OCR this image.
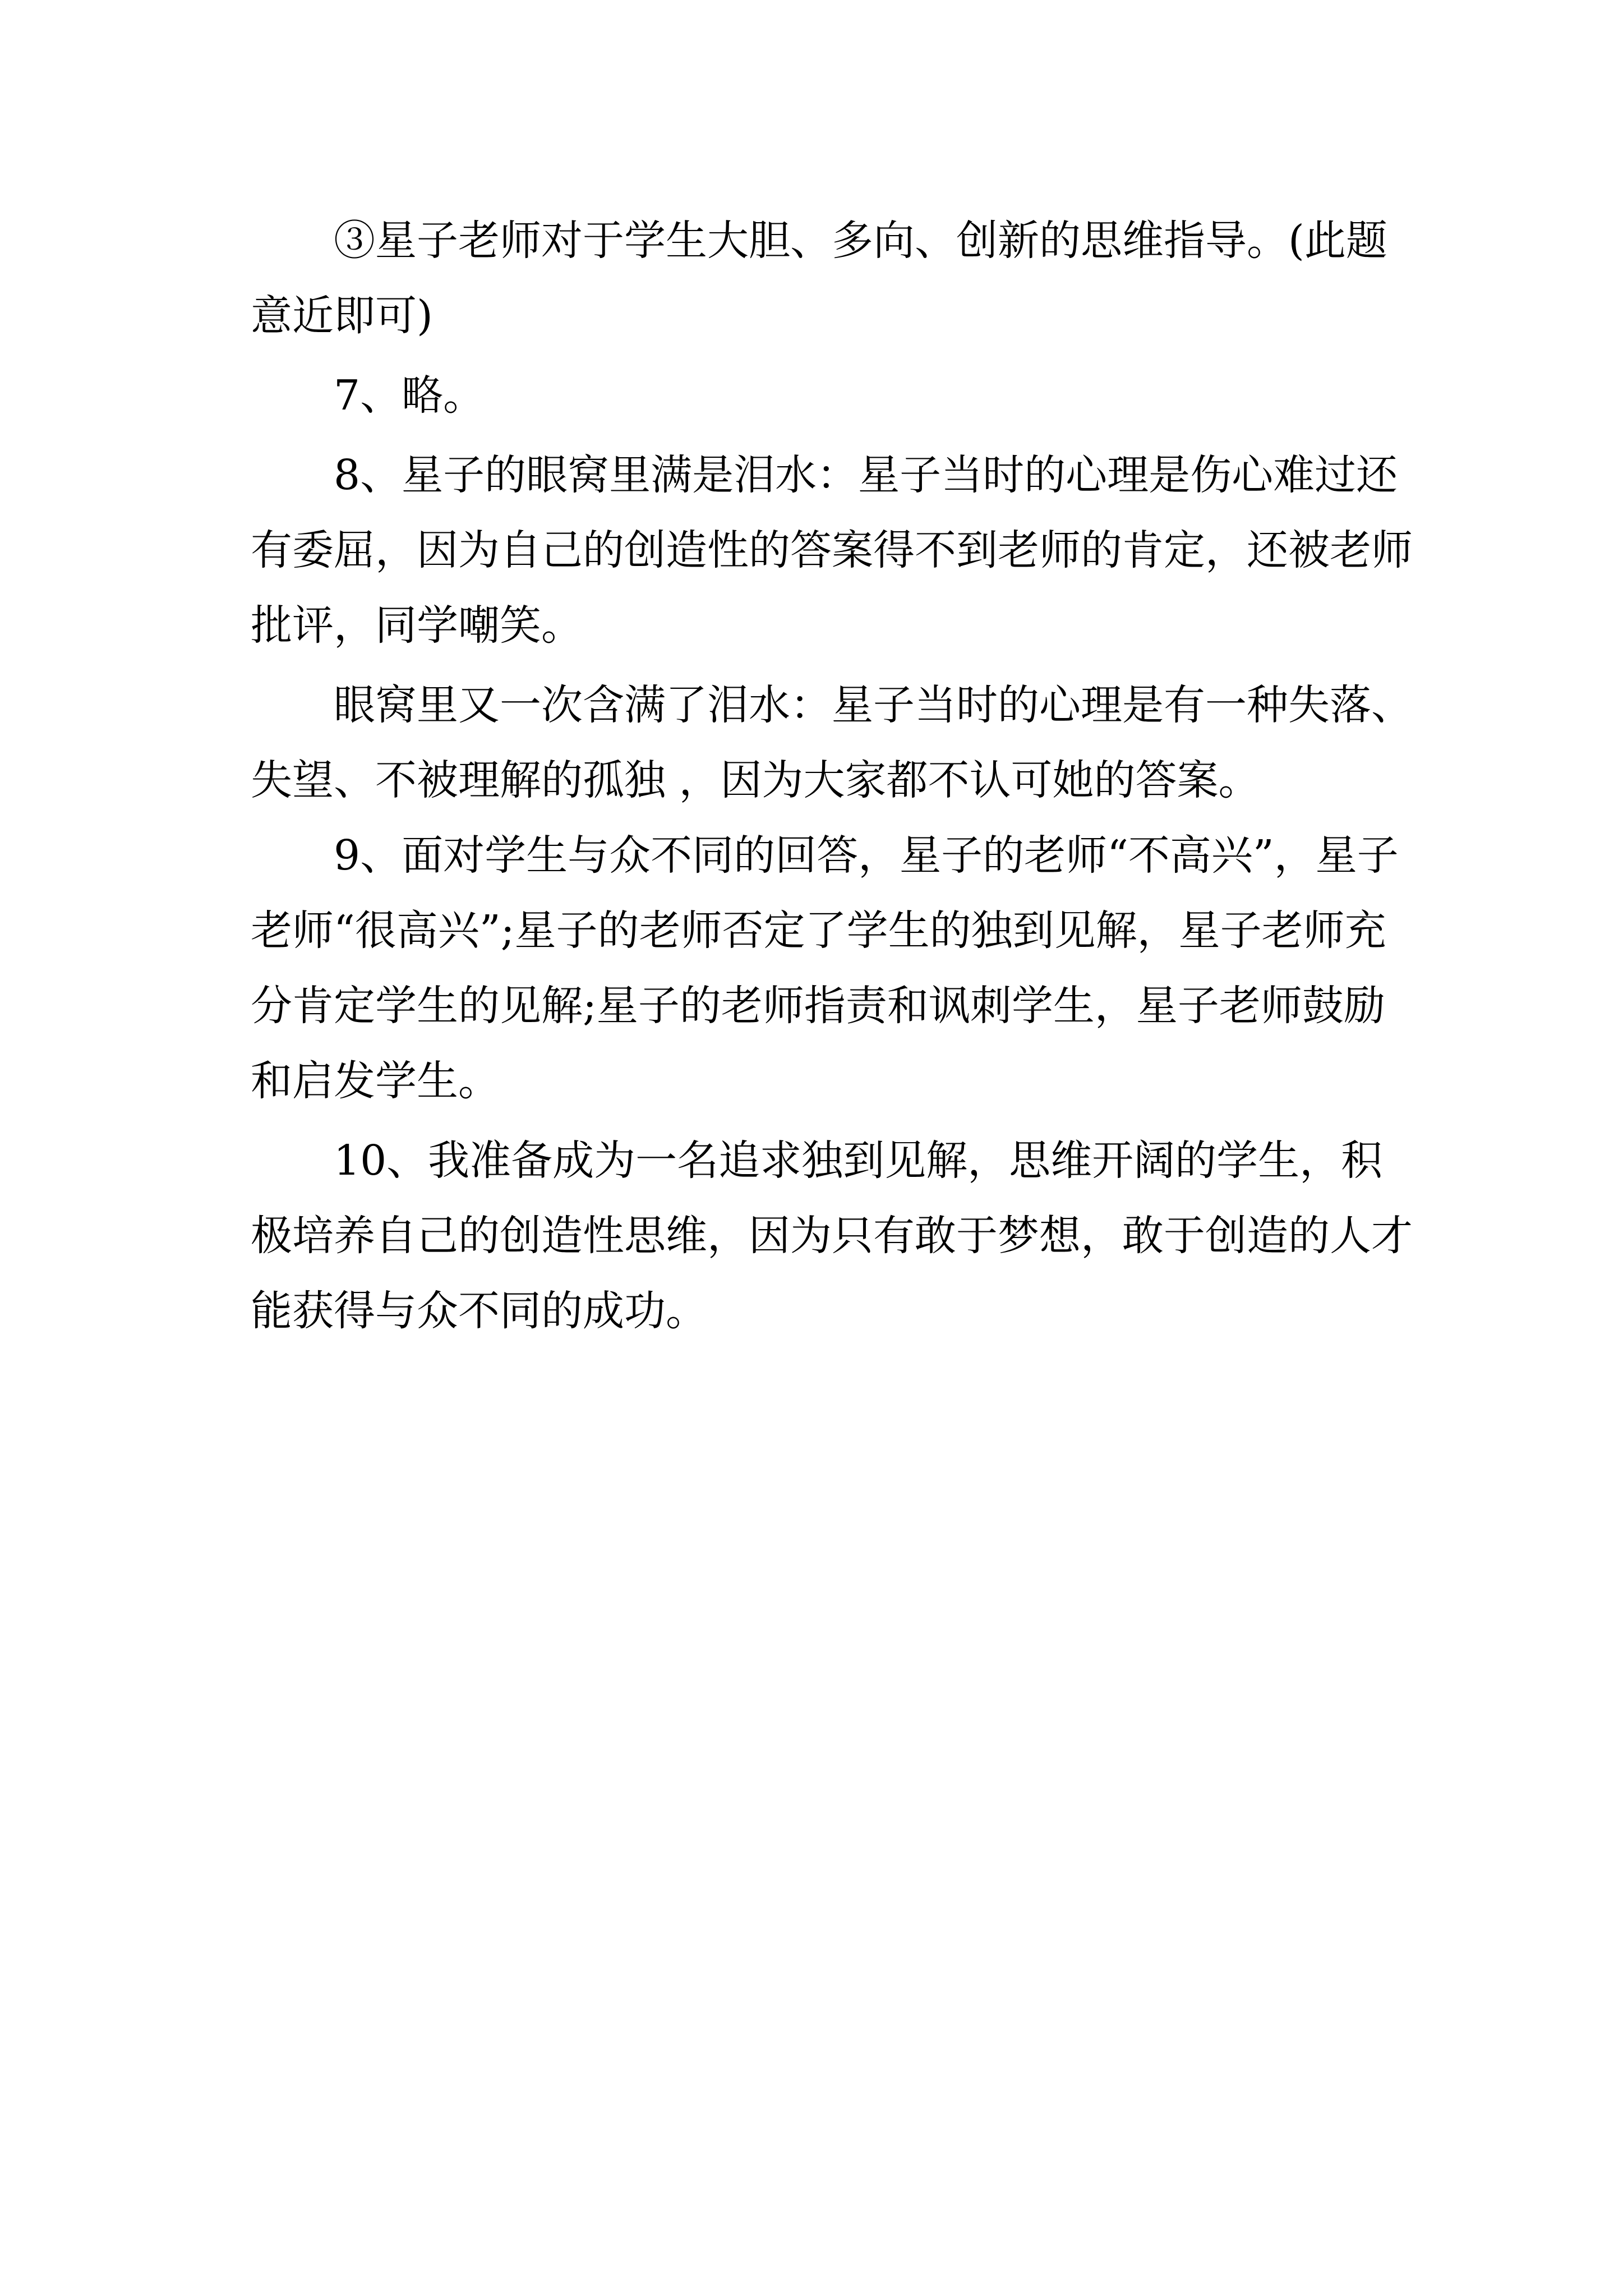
③星子老师对于学生大胆、多向、创新的思维指导。(此题意近即可)

7、略。

8、星子的眼窝里满是泪水：星子当时的心理是伤心难过还有委屈，因为自己的创造性的答案得不到老师的肯定，还被老师批评，同学嘲笑。

眼窝里又一次含满了泪水：星子当时的心理是有一种失落、失望、不被理解的孤独 ，因为大家都不认可她的答案。

9、面对学生与众不同的回答，星子的老师“不高兴”，星子老师“很高兴”;星子的老师否定了学生的独到见解，星子老师充分肯定学生的见解;星子的老师指责和讽刺学生，星子老师鼓励和启发学生。

10、我准备成为一名追求独到见解，思维开阔的学生，积极培养自己的创造性思维，因为只有敢于梦想，敢于创造的人才能获得与众不同的成功。
